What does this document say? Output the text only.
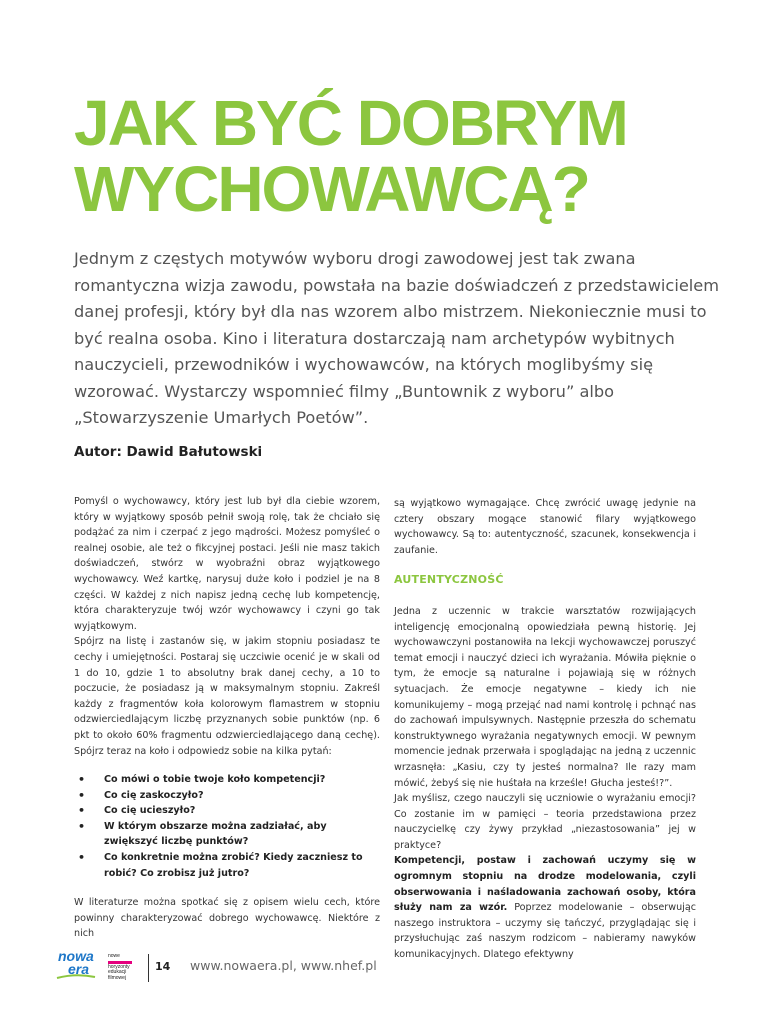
JAK BYĆ DOBRYM WYCHOWAWCĄ?

Jednym z częstych motywów wyboru drogi zawodowej jest tak zwana romantyczna wizja zawodu, powstała na bazie doświadczeń z przedstawicielem danej profesji, który był dla nas wzorem albo mistrzem. Niekoniecznie musi to być realna osoba. Kino i literatura dostarczają nam archetypów wybitnych nauczycieli, przewodników i wychowawców, na których moglibyśmy się wzorować. Wystarczy wspomnieć filmy „Buntownik z wyboru” albo „Stowarzyszenie Umarłych Poetów”.

Autor: Dawid Bałutowski

Pomyśl o wychowawcy, który jest lub był dla ciebie wzorem, który w wyjątkowy sposób pełnił swoją rolę, tak że chciało się podążać za nim i czerpać z jego mądrości. Możesz pomyśleć o realnej osobie, ale też o fikcyjnej postaci. Jeśli nie masz takich doświadczeń, stwórz w wyobraźni obraz wyjątkowego wychowawcy. Weź kartkę, narysuj duże koło i podziel je na 8 części. W każdej z nich napisz jedną cechę lub kompetencję, która charakteryzuje twój wzór wychowawcy i czyni go tak wyjątkowym.

Spójrz na listę i zastanów się, w jakim stopniu posiadasz te cechy i umiejętności. Postaraj się uczciwie ocenić je w skali od 1 do 10, gdzie 1 to absolutny brak danej cechy, a 10 to poczucie, że posiadasz ją w maksymalnym stopniu. Zakreśl każdy z fragmentów koła kolorowym flamastrem w stopniu odzwierciedlającym liczbę przyznanych sobie punktów (np. 6 pkt to około 60% fragmentu odzwierciedlającego daną cechę). Spójrz teraz na koło i odpowiedz sobie na kilka pytań:

• Co mówi o tobie twoje koło kompetencji?
• Co cię zaskoczyło?
• Co cię ucieszyło?
• W którym obszarze można zadziałać, aby zwiększyć liczbę punktów?
• Co konkretnie można zrobić? Kiedy zaczniesz to robić? Co zrobisz już jutro?

W literaturze można spotkać się z opisem wielu cech, które powinny charakteryzować dobrego wychowawcę. Niektóre z nich

są wyjątkowo wymagające. Chcę zwrócić uwagę jedynie na cztery obszary mogące stanowić filary wyjątkowego wychowawcy. Są to: autentyczność, szacunek, konsekwencja i zaufanie.

AUTENTYCZNOŚĆ

Jedna z uczennic w trakcie warsztatów rozwijających inteligencję emocjonalną opowiedziała pewną historię. Jej wychowawczyni postanowiła na lekcji wychowawczej poruszyć temat emocji i nauczyć dzieci ich wyrażania. Mówiła pięknie o tym, że emocje są naturalne i pojawiają się w różnych sytuacjach. Że emocje negatywne – kiedy ich nie komunikujemy – mogą przejąć nad nami kontrolę i pchnąć nas do zachowań impulsywnych. Następnie przeszła do schematu konstruktywnego wyrażania negatywnych emocji. W pewnym momencie jednak przerwała i spoglądając na jedną z uczennic wrzasnęła: „Kasiu, czy ty jesteś normalna? Ile razy mam mówić, żebyś się nie huśtała na krześle! Głucha jesteś!?”.

Jak myślisz, czego nauczyli się uczniowie o wyrażaniu emocji? Co zostanie im w pamięci – teoria przedstawiona przez nauczycielkę czy żywy przykład „niezastosowania” jej w praktyce?

Kompetencji, postaw i zachowań uczymy się w ogromnym stopniu na drodze modelowania, czyli obserwowania i naśladowania zachowań osoby, która służy nam za wzór. Poprzez modelowanie – obserwując naszego instruktora – uczymy się tańczyć, przyglądając się i przysłuchując zaś naszym rodzicom – nabieramy nawyków komunikacyjnych. Dlatego efektywny

nowa
era
nowe
horyzonty
edukacji
filmowej
14 www.nowaera.pl, www.nhef.pl
